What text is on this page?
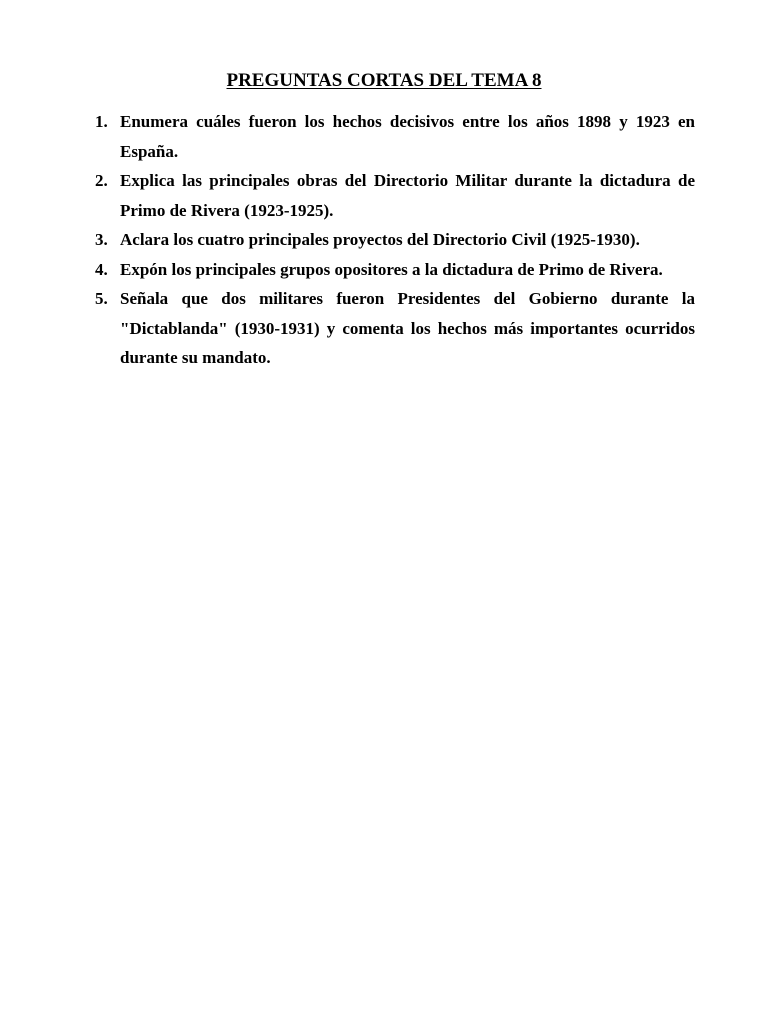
PREGUNTAS CORTAS DEL TEMA 8
1. Enumera cuáles fueron los hechos decisivos entre los años 1898 y 1923 en España.
2. Explica las principales obras del Directorio Militar durante la dictadura de Primo de Rivera (1923-1925).
3. Aclara los cuatro principales proyectos del Directorio Civil (1925-1930).
4. Expón los principales grupos opositores a la dictadura de Primo de Rivera.
5. Señala que dos militares fueron Presidentes del Gobierno durante la "Dictablanda" (1930-1931) y comenta los hechos más importantes ocurridos durante su mandato.
